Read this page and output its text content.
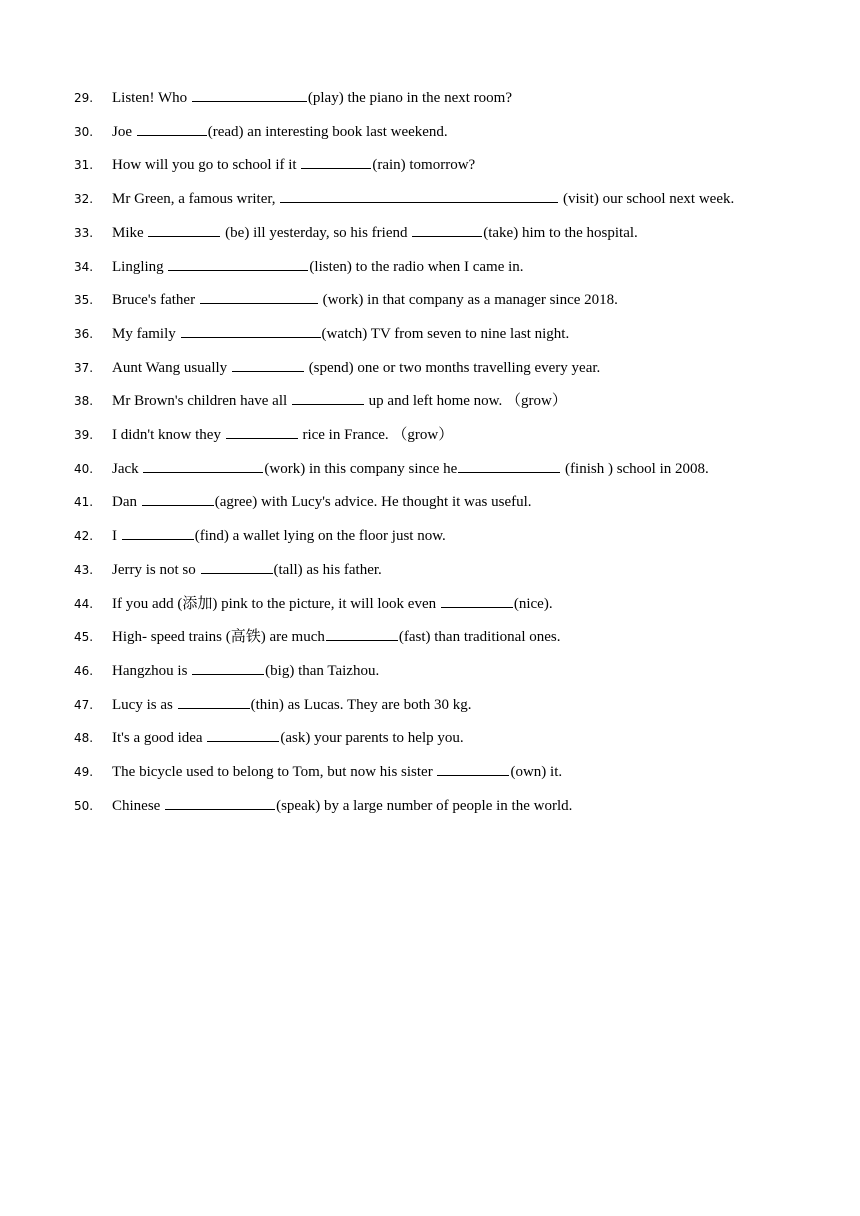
29. Listen! Who	(play) the piano in the next room?
30. Joe	(read) an interesting book last weekend.
31. How will you go to school if it	(rain) tomorrow?
32. Mr Green, a famous writer,	(visit) our school next week.
33. Mike	(be) ill yesterday, so his friend	(take) him to the hospital.
34. Lingling	(listen) to the radio when I came in.
35. Bruce's father	(work) in that company as a manager since 2018.
36. My family	(watch) TV from seven to nine last night.
37. Aunt Wang usually	(spend) one or two months travelling every year.
38. Mr Brown's children have all	up and left home now. （grow）
39. I didn't know they	rice in France. （grow）
40. Jack	(work) in this company since he	(finish ) school in 2008.
41. Dan	(agree) with Lucy's advice. He thought it was useful.
42. I	(find) a wallet lying on the floor just now.
43. Jerry is not so	(tall) as his father.
44. If you add (添加) pink to the picture, it will look even	(nice).
45. High- speed trains (高铁) are much	(fast) than traditional ones.
46. Hangzhou is	(big) than Taizhou.
47. Lucy is as	(thin) as Lucas. They are both 30 kg.
48. It's a good idea	(ask) your parents to help you.
49. The bicycle used to belong to Tom, but now his sister	(own) it.
50. Chinese	(speak) by a large number of people in the world.
